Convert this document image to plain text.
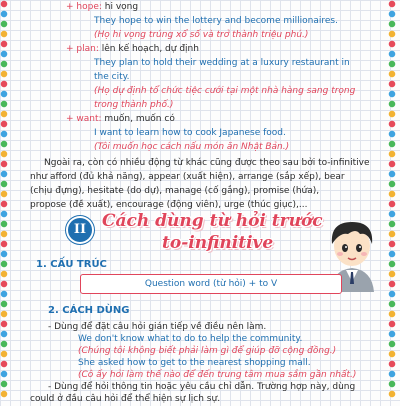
+ hope: hi vọng
They hope to win the lottery and become millionaires.
(Họ hi vọng trúng xổ số và trở thành triệu phú.)
+ plan: lên kế hoạch, dự định
They plan to hold their wedding at a luxury restaurant in
the city.
(Họ dự định tổ chức tiệc cưới tại một nhà hàng sang trọng
trong thành phố.)
+ want: muốn, muốn có
I want to learn how to cook Japanese food.
(Tôi muốn học cách nấu món ăn Nhật Bản.)
Ngoài ra, còn có nhiều động từ khác cũng được theo sau bởi to-infinitive
như afford (đủ khả năng), appear (xuất hiện), arrange (sắp xếp), bear
(chịu đựng), hesitate (do dự), manage (cố gắng), promise (hứa),
propose (đề xuất), encourage (động viên), urge (thúc giục),...
II Cách dùng từ hỏi trước
to-infinitive
1. CẤU TRÚC
Question word (từ hỏi) + to V
2. CÁCH DÙNG
- Dùng để đặt câu hỏi gián tiếp về điều nên làm.
We don't know what to do to help the community.
(Chúng tôi không biết phải làm gì để giúp đỡ cộng đồng.)
She asked how to get to the nearest shopping mall.
(Cô ấy hỏi làm thế nào để đến trung tâm mua sắm gần nhất.)
- Dùng để hỏi thông tin hoặc yêu cầu chỉ dẫn. Trường hợp này, dùng
could ở đầu câu hỏi để thể hiện sự lịch sự.
